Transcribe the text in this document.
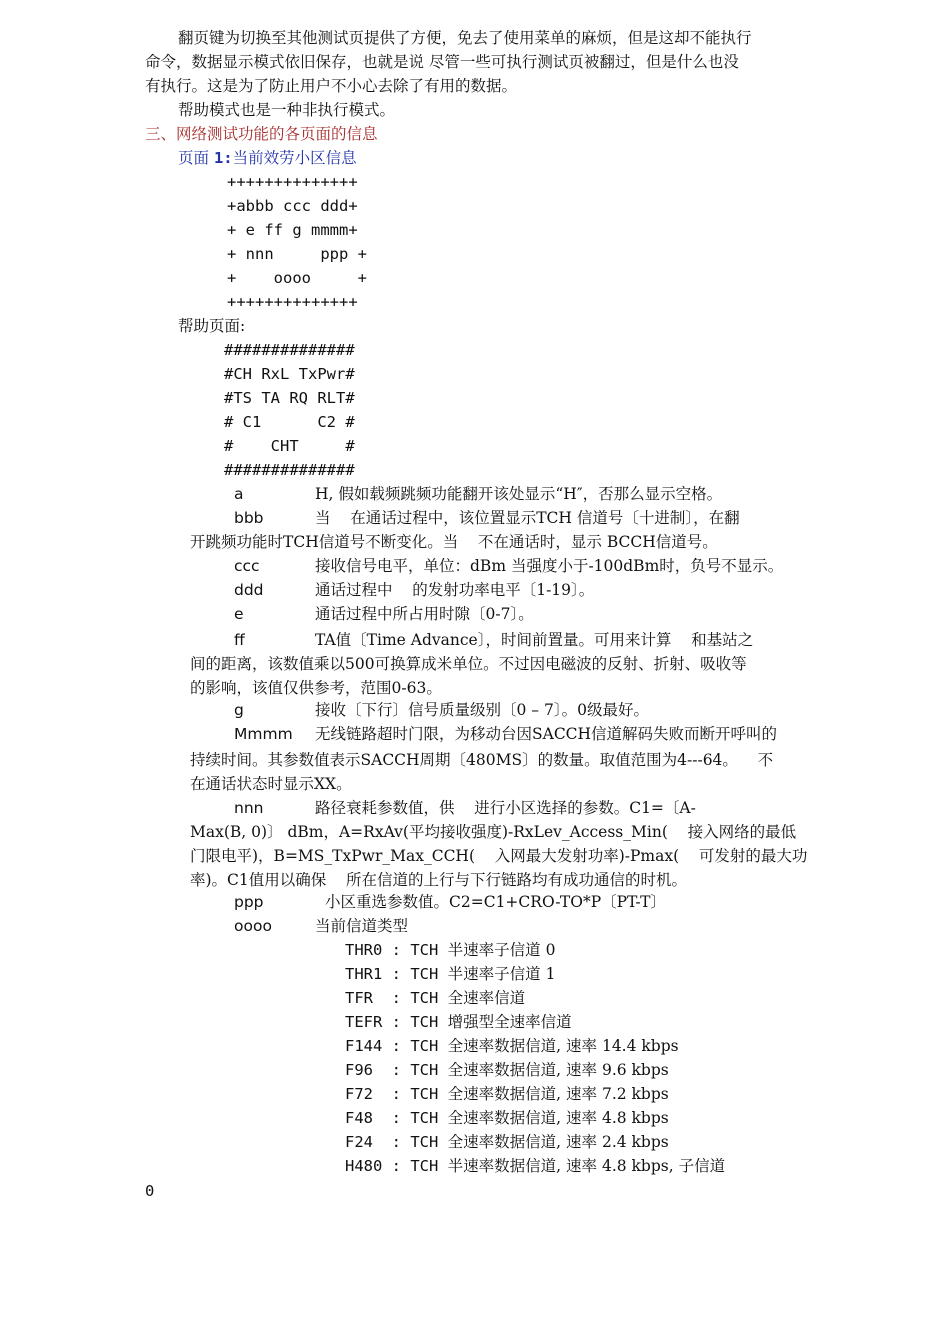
翻页键为切换至其他测试页提供了方便，免去了使用菜单的麻烦，但是这却不能执行
命令，数据显示模式依旧保存，也就是说 尽管一些可执行测试页被翻过，但是什么也没
有执行。这是为了防止用户不小心去除了有用的数据。
帮助模式也是一种非执行模式。
三、网络测试功能的各页面的信息
页面 1:当前效劳小区信息
++++++++++++++
+abbb ccc ddd+
+ e ff g mmmm+
+ nnn     ppp +
+    oooo     +
++++++++++++++
帮助页面:
##############
#CH RxL TxPwr#
#TS TA RQ RLT#
# C1      C2 #
#    CHT     #
##############
a	H, 假如载频跳频功能翻开该处显示“H″，否那么显示空格。
bbb	当    在通话过程中，该位置显示TCH 信道号〔十进制〕，在翻
开跳频功能时TCH信道号不断变化。当    不在通话时，显示 BCCH信道号。
ccc	接收信号电平，单位：dBm 当强度小于-100dBm时，负号不显示。
ddd	通话过程中    的发射功率电平〔1-19〕。
e	通话过程中所占用时隙〔0-7〕。
ff	TA值〔Time Advance〕，时间前置量。可用来计算    和基站之
间的距离，该数值乘以500可换算成米单位。不过因电磁波的反射、折射、吸收等
的影响，该值仅供参考，范围0-63。
g	接收〔下行〕信号质量级别〔0 – 7〕。0级最好。
Mmmm 无线链路超时门限，为移动台因SACCH信道解码失败而断开呼叫的
持续时间。其参数值表示SACCH周期〔480MS〕的数量。取值范围为4---64。    不
在通话状态时显示XX。
nnn	路径衰耗参数值，供    进行小区选择的参数。C1=〔A-
Max(B, 0)〕 dBm，A=RxAv(平均接收强度)-RxLev_Access_Min(    接入网络的最低
门限电平)，B=MS_TxPwr_Max_CCH(    入网最大发射功率)-Pmax(    可发射的最大功
率)。C1值用以确保    所在信道的上行与下行链路均有成功通信的时机。
ppp	小区重选参数值。C2=C1+CRO-TO*P〔PT-T〕
oooo	当前信道类型
THR0 : TCH 半速率子信道 0
THR1 : TCH 半速率子信道 1
TFR  : TCH 全速率信道
TEFR : TCH 增强型全速率信道
F144 : TCH 全速率数据信道, 速率 14.4 kbps
F96  : TCH 全速率数据信道, 速率 9.6 kbps
F72  : TCH 全速率数据信道, 速率 7.2 kbps
F48  : TCH 全速率数据信道, 速率 4.8 kbps
F24  : TCH 全速率数据信道, 速率 2.4 kbps
H480 : TCH 半速率数据信道, 速率 4.8 kbps, 子信道
0
